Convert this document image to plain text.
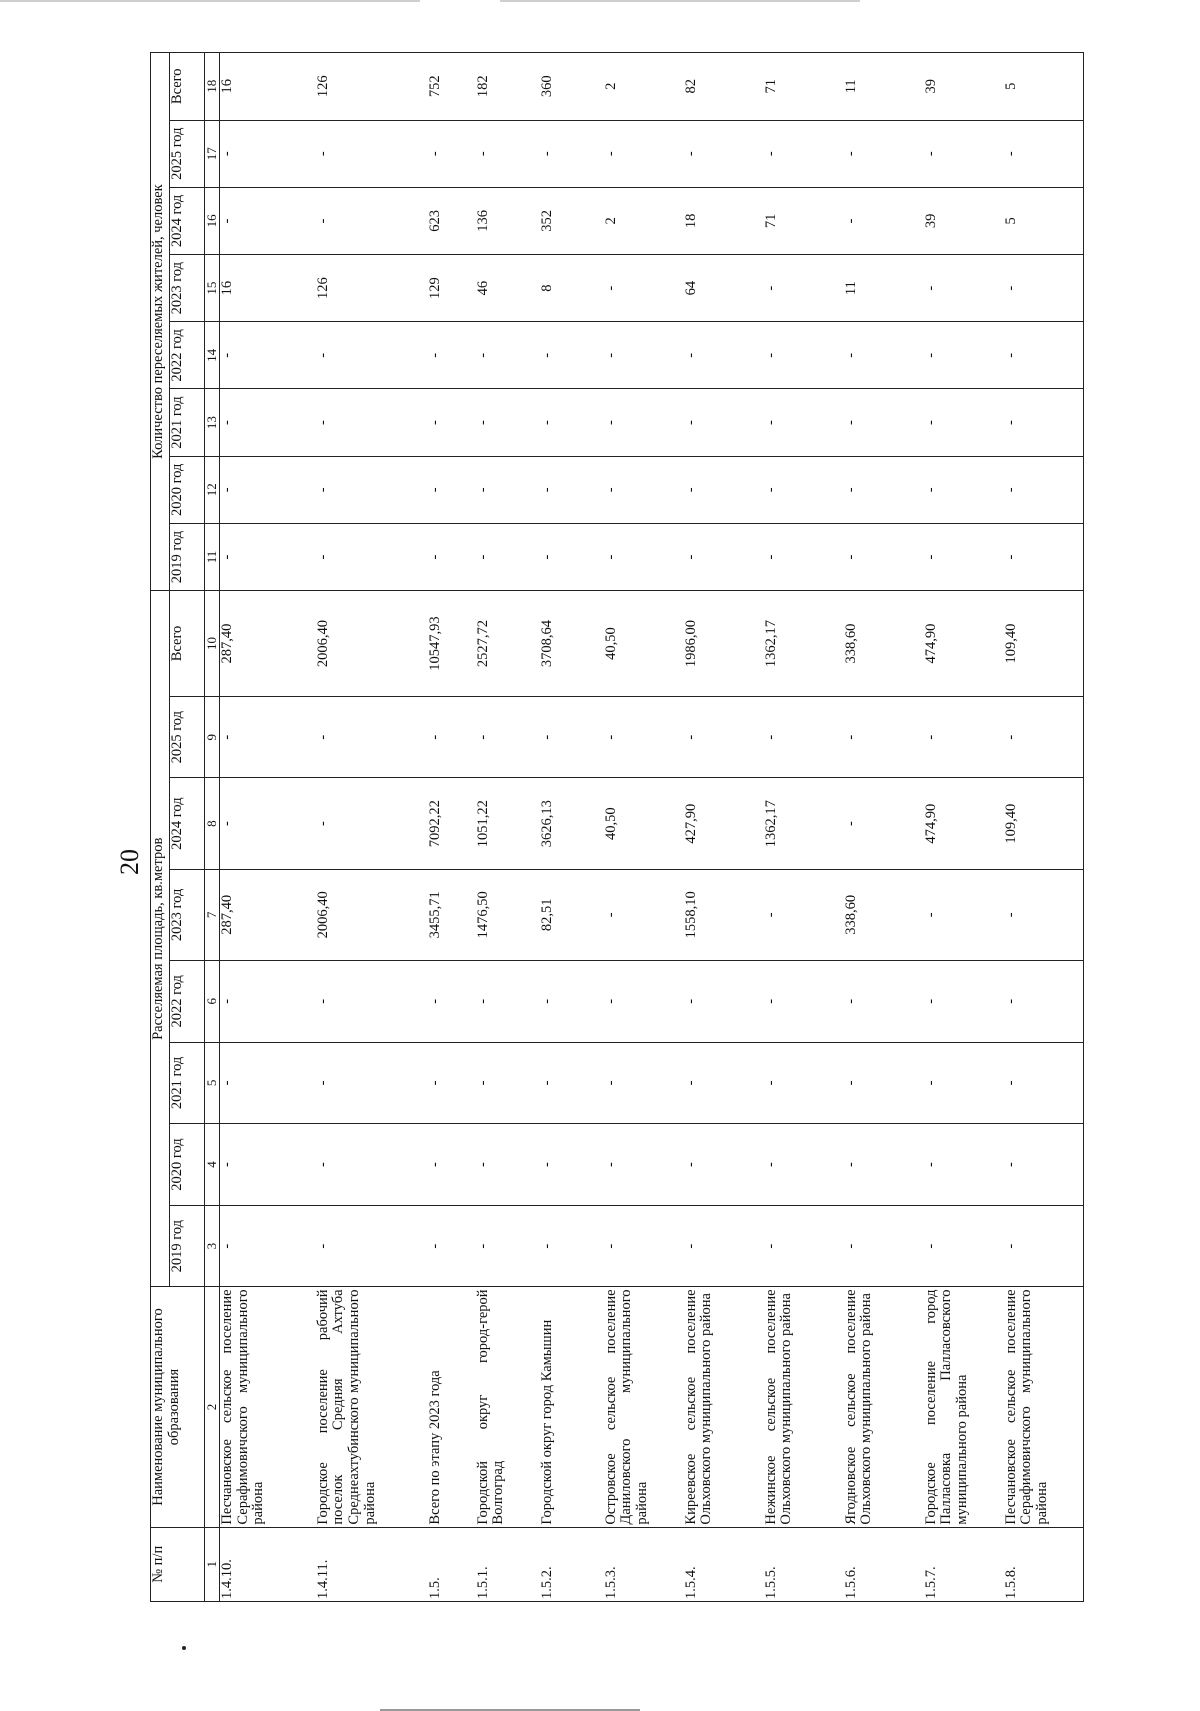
20
№ п/п	Наименование муниципального образования	Расселяемая площадь, кв.метров								Количество переселяемых жителей, человек							
		2019 год	2020 год	2021 год	2022 год	2023 год	2024 год	2025 год	Всего	2019 год	2020 год	2021 год	2022 год	2023 год	2024 год	2025 год	Всего
1	2	3	4	5	6	7	8	9	10	11	12	13	14	15	16	17	18
1.4.10.	Песчановское сельское поселение Серафимовичского муниципального района	-	-	-	-	287,40	-	-	287,40	-	-	-	-	16	-	-	16
1.4.11.	Городское поселение рабочий поселок Средняя Ахтуба Среднеахтубинского муниципального района	-	-	-	-	2006,40	-	-	2006,40	-	-	-	-	126	-	-	126
1.5.	Всего по этапу 2023 года	-	-	-	-	3455,71	7092,22	-	10547,93	-	-	-	-	129	623	-	752
1.5.1.	Городской округ город-герой Волгоград	-	-	-	-	1476,50	1051,22	-	2527,72	-	-	-	-	46	136	-	182
1.5.2.	Городской округ город Камышин	-	-	-	-	82,51	3626,13	-	3708,64	-	-	-	-	8	352	-	360
1.5.3.	Островское сельское поселение Даниловского муниципального района	-	-	-	-	-	40,50	-	40,50	-	-	-	-	-	2	-	2
1.5.4.	Киреевское сельское поселение Ольховского муниципального района	-	-	-	-	1558,10	427,90	-	1986,00	-	-	-	-	64	18	-	82
1.5.5.	Нежинское сельское поселение Ольховского муниципального района	-	-	-	-	-	1362,17	-	1362,17	-	-	-	-	-	71	-	71
1.5.6.	Ягодновское сельское поселение Ольховского муниципального района	-	-	-	-	338,60	-	-	338,60	-	-	-	-	11	-	-	11
1.5.7.	Городское поселение город Палласовка Палласовского муниципального района	-	-	-	-	-	474,90	-	474,90	-	-	-	-	-	39	-	39
1.5.8.	Песчановское сельское поселение Серафимовичского муниципального района	-	-	-	-	-	109,40	-	109,40	-	-	-	-	-	5	-	5
